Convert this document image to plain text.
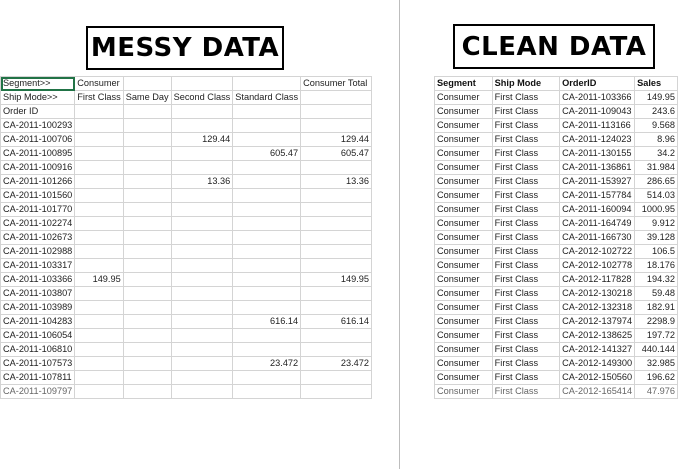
MESSY DATA
Segment>>	Consumer				Consumer Total
Ship Mode>>	First Class	Same Day	Second Class	Standard Class	
Order ID					
CA-2011-100293					
CA-2011-100706			129.44		129.44
CA-2011-100895				605.47	605.47
CA-2011-100916					
CA-2011-101266			13.36		13.36
CA-2011-101560					
CA-2011-101770					
CA-2011-102274					
CA-2011-102673					
CA-2011-102988					
CA-2011-103317					
CA-2011-103366	149.95				149.95
CA-2011-103807					
CA-2011-103989					
CA-2011-104283				616.14	616.14
CA-2011-106054					
CA-2011-106810					
CA-2011-107573				23.472	23.472
CA-2011-107811					
CA-2011-109797					
CLEAN DATA
Segment	Ship Mode	OrderID	Sales
Consumer	First Class	CA-2011-103366	149.95
Consumer	First Class	CA-2011-109043	243.6
Consumer	First Class	CA-2011-113166	9.568
Consumer	First Class	CA-2011-124023	8.96
Consumer	First Class	CA-2011-130155	34.2
Consumer	First Class	CA-2011-136861	31.984
Consumer	First Class	CA-2011-153927	286.65
Consumer	First Class	CA-2011-157784	514.03
Consumer	First Class	CA-2011-160094	1000.95
Consumer	First Class	CA-2011-164749	9.912
Consumer	First Class	CA-2011-166730	39.128
Consumer	First Class	CA-2012-102722	106.5
Consumer	First Class	CA-2012-102778	18.176
Consumer	First Class	CA-2012-117828	194.32
Consumer	First Class	CA-2012-130218	59.48
Consumer	First Class	CA-2012-132318	182.91
Consumer	First Class	CA-2012-137974	2298.9
Consumer	First Class	CA-2012-138625	197.72
Consumer	First Class	CA-2012-141327	440.144
Consumer	First Class	CA-2012-149300	32.985
Consumer	First Class	CA-2012-150560	196.62
Consumer	First Class	CA-2012-165414	47.976
